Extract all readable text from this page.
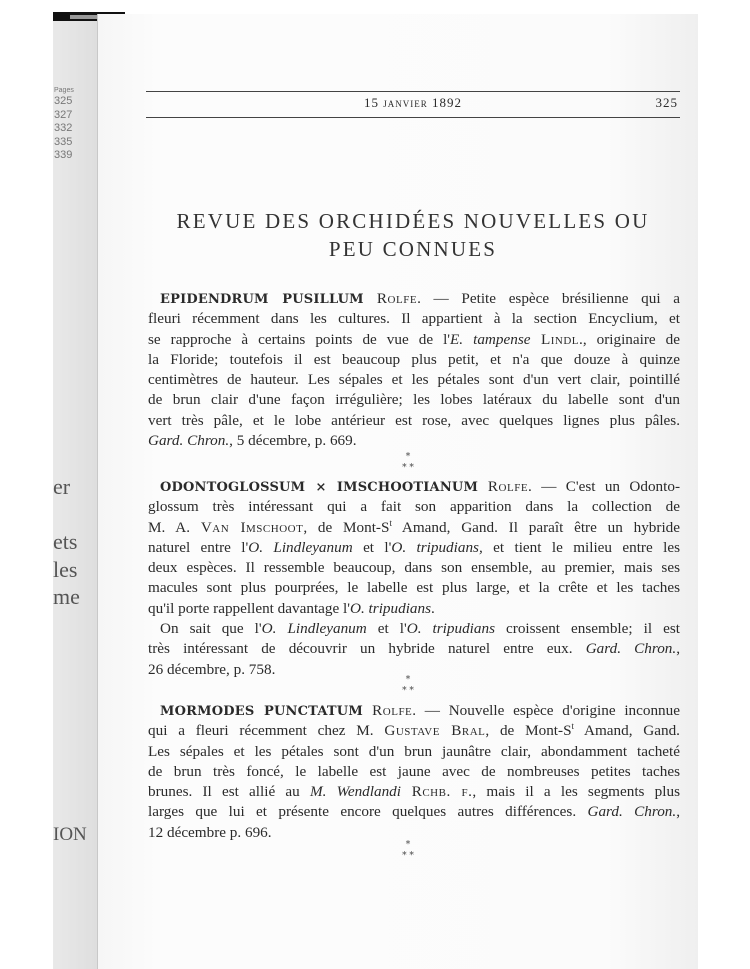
Pages
325
327
332
335
339
er
ets
les
me
ION
15 janvier 1892	325
REVUE DES ORCHIDÉES NOUVELLES OU
PEU CONNUES
EPIDENDRUM PUSILLUM Rolfe. — Petite espèce brésilienne qui a
fleuri récemment dans les cultures. Il appartient à la section Encyclium, et
se rapproche à certains points de vue de l'E. tampense Lindl., originaire de
la Floride; toutefois il est beaucoup plus petit, et n'a que douze à quinze
centimètres de hauteur. Les sépales et les pétales sont d'un vert clair, pointillé
de brun clair d'une façon irrégulière; les lobes latéraux du labelle sont d'un
vert très pâle, et le lobe antérieur est rose, avec quelques lignes plus pâles.
Gard. Chron., 5 décembre, p. 669.
*
* *
ODONTOGLOSSUM × IMSCHOOTIANUM Rolfe. — C'est un Odonto-
glossum très intéressant qui a fait son apparition dans la collection de
M. A. Van Imschoot, de Mont-$S^t$ Amand, Gand. Il paraît être un hybride
naturel entre l'O. Lindleyanum et l'O. tripudians, et tient le milieu entre les
deux espèces. Il ressemble beaucoup, dans son ensemble, au premier, mais ses
macules sont plus pourprées, le labelle est plus large, et la crête et les taches
qu'il porte rappellent davantage l'O. tripudians.
On sait que l'O. Lindleyanum et l'O. tripudians croissent ensemble; il est
très intéressant de découvrir un hybride naturel entre eux. Gard. Chron.,
26 décembre, p. 758.
*
* *
MORMODES PUNCTATUM Rolfe. — Nouvelle espèce d'origine inconnue
qui a fleuri récemment chez M. Gustave Bral, de Mont-$S^t$ Amand, Gand.
Les sépales et les pétales sont d'un brun jaunâtre clair, abondamment tacheté
de brun très foncé, le labelle est jaune avec de nombreuses petites taches
brunes. Il est allié au M. Wendlandi Rchb. f., mais il a les segments plus
larges que lui et présente encore quelques autres différences. Gard. Chron.,
12 décembre p. 696.
*
* *
